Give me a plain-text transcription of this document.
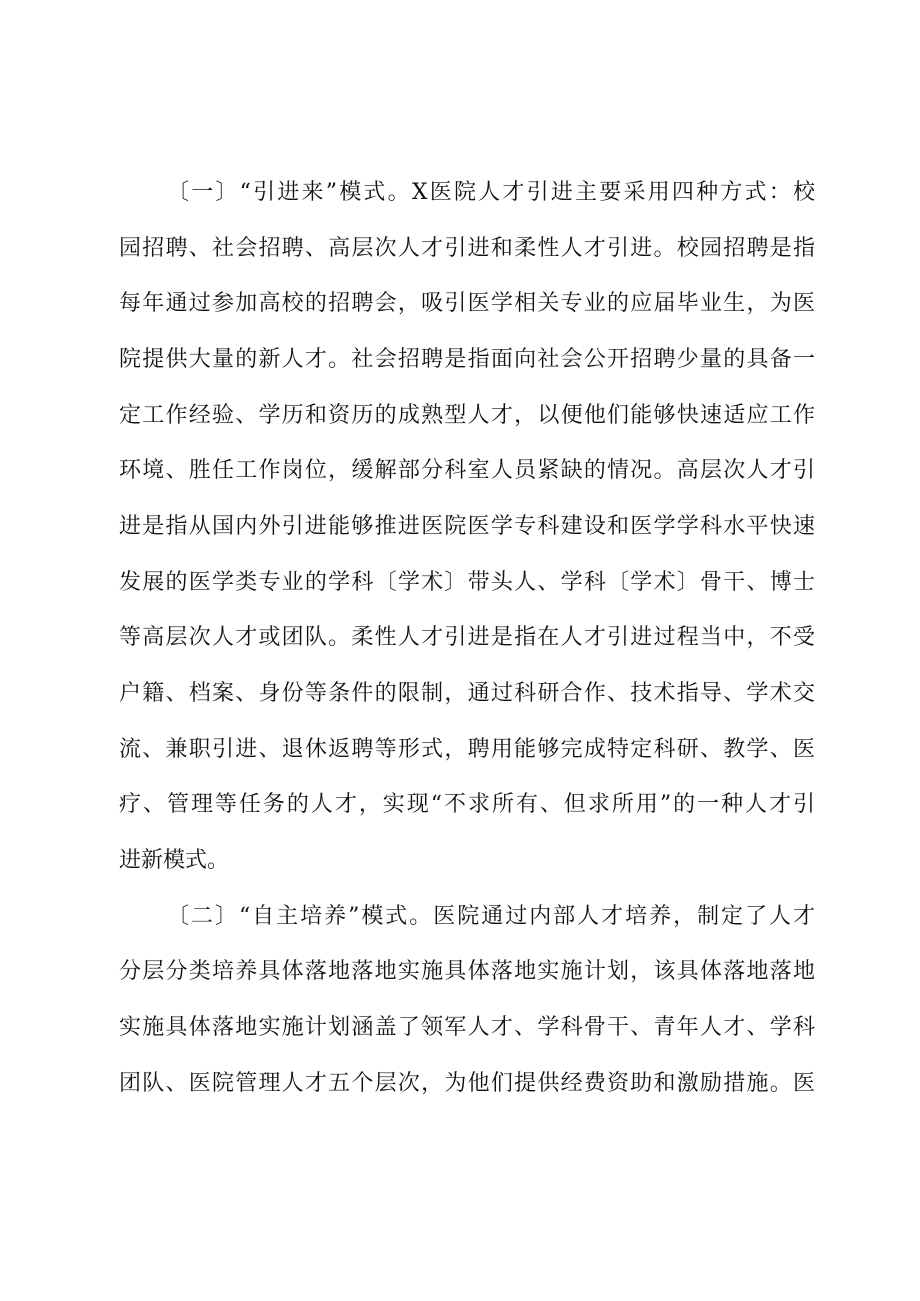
〔一〕“引进来”模式。X医院人才引进主要采用四种方式：校
园招聘、社会招聘、高层次人才引进和柔性人才引进。校园招聘是指
每年通过参加高校的招聘会，吸引医学相关专业的应届毕业生，为医
院提供大量的新人才。社会招聘是指面向社会公开招聘少量的具备一
定工作经验、学历和资历的成熟型人才，以便他们能够快速适应工作
环境、胜任工作岗位，缓解部分科室人员紧缺的情况。高层次人才引
进是指从国内外引进能够推进医院医学专科建设和医学学科水平快速
发展的医学类专业的学科〔学术〕带头人、学科〔学术〕骨干、博士
等高层次人才或团队。柔性人才引进是指在人才引进过程当中，不受
户籍、档案、身份等条件的限制，通过科研合作、技术指导、学术交
流、兼职引进、退休返聘等形式，聘用能够完成特定科研、教学、医
疗、管理等任务的人才，实现“不求所有、但求所用”的一种人才引
进新模式。
〔二〕“自主培养”模式。医院通过内部人才培养，制定了人才
分层分类培养具体落地落地实施具体落地实施计划，该具体落地落地
实施具体落地实施计划涵盖了领军人才、学科骨干、青年人才、学科
团队、医院管理人才五个层次，为他们提供经费资助和激励措施。医
